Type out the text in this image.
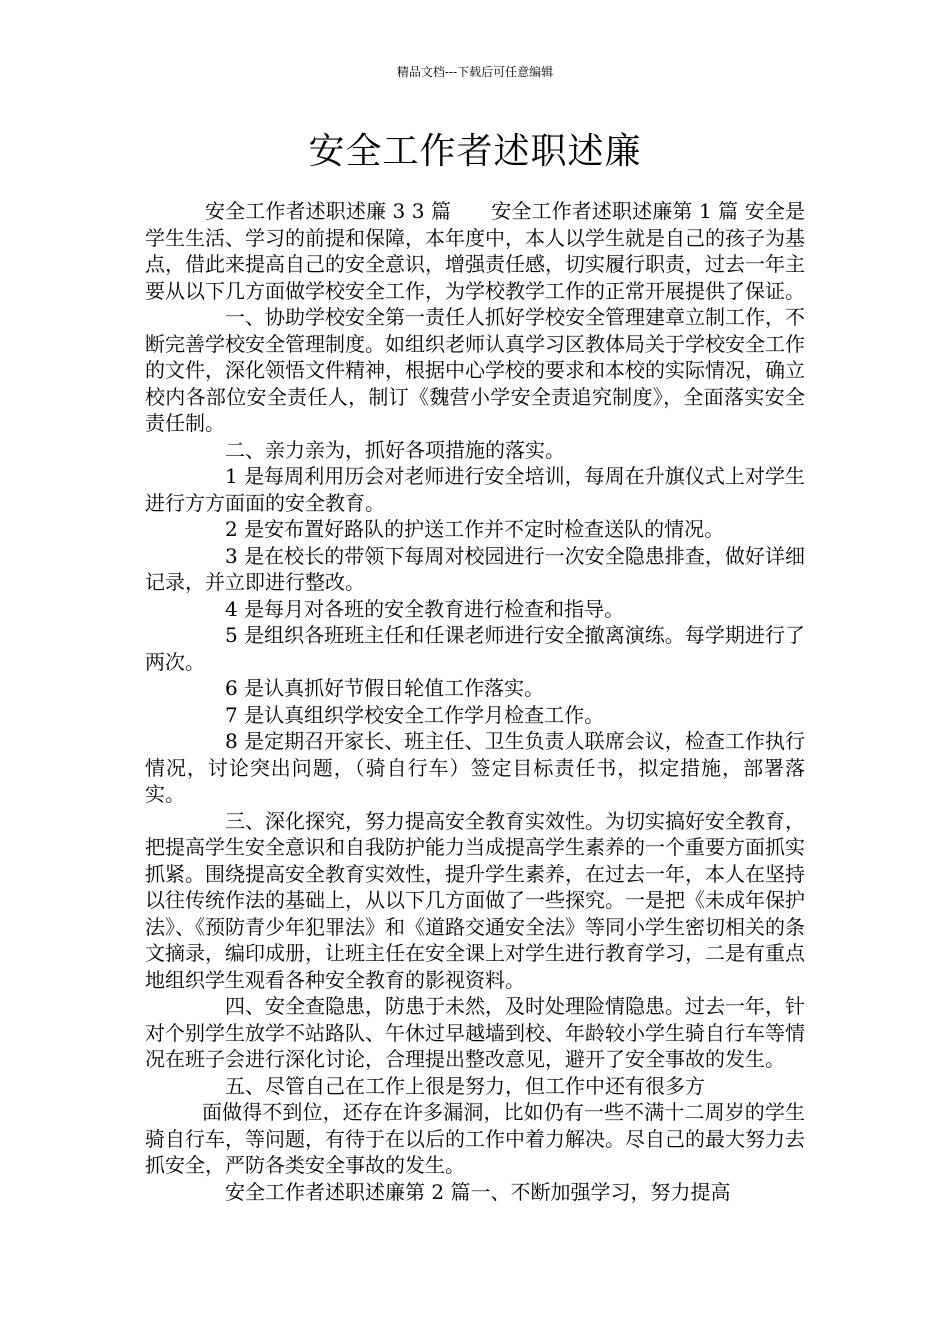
精品文档---下载后可任意编辑
安全工作者述职述廉

安全工作者述职述廉 3 3 篇　　安全工作者述职述廉第 1 篇 安全是学生生活、学习的前提和保障，本年度中，本人以学生就是自己的孩子为基点，借此来提高自己的安全意识，增强责任感，切实履行职责，过去一年主要从以下几方面做学校安全工作，为学校教学工作的正常开展提供了保证。

一、协助学校安全第一责任人抓好学校安全管理建章立制工作，不断完善学校安全管理制度。如组织老师认真学习区教体局关于学校安全工作的文件，深化领悟文件精神，根据中心学校的要求和本校的实际情况，确立校内各部位安全责任人，制订《魏营小学安全责追究制度》，全面落实安全责任制。

二、亲力亲为，抓好各项措施的落实。

1 是每周利用历会对老师进行安全培训，每周在升旗仪式上对学生进行方方面面的安全教育。

2 是安布置好路队的护送工作并不定时检查送队的情况。

3 是在校长的带领下每周对校园进行一次安全隐患排查，做好详细记录，并立即进行整改。

4 是每月对各班的安全教育进行检查和指导。

5 是组织各班班主任和任课老师进行安全撤离演练。每学期进行了两次。

6 是认真抓好节假日轮值工作落实。

7 是认真组织学校安全工作学月检查工作。

8 是定期召开家长、班主任、卫生负责人联席会议，检查工作执行情况，讨论突出问题，（骑自行车）签定目标责任书，拟定措施，部署落实。

三、深化探究，努力提高安全教育实效性。为切实搞好安全教育，把提高学生安全意识和自我防护能力当成提高学生素养的一个重要方面抓实抓紧。围绕提高安全教育实效性，提升学生素养，在过去一年，本人在坚持以往传统作法的基础上，从以下几方面做了一些探究。一是把《未成年保护法》、《预防青少年犯罪法》和《道路交通安全法》等同小学生密切相关的条文摘录，编印成册，让班主任在安全课上对学生进行教育学习，二是有重点地组织学生观看各种安全教育的影视资料。

四、安全查隐患，防患于未然，及时处理险情隐患。过去一年，针对个别学生放学不站路队、午休过早越墙到校、年龄较小学生骑自行车等情况在班子会进行深化讨论，合理提出整改意见，避开了安全事故的发生。

五、尽管自己在工作上很是努力，但工作中还有很多方

面做得不到位，还存在许多漏洞，比如仍有一些不满十二周岁的学生骑自行车，等问题，有待于在以后的工作中着力解决。尽自己的最大努力去抓安全，严防各类安全事故的发生。

安全工作者述职述廉第 2 篇一、不断加强学习，努力提高
